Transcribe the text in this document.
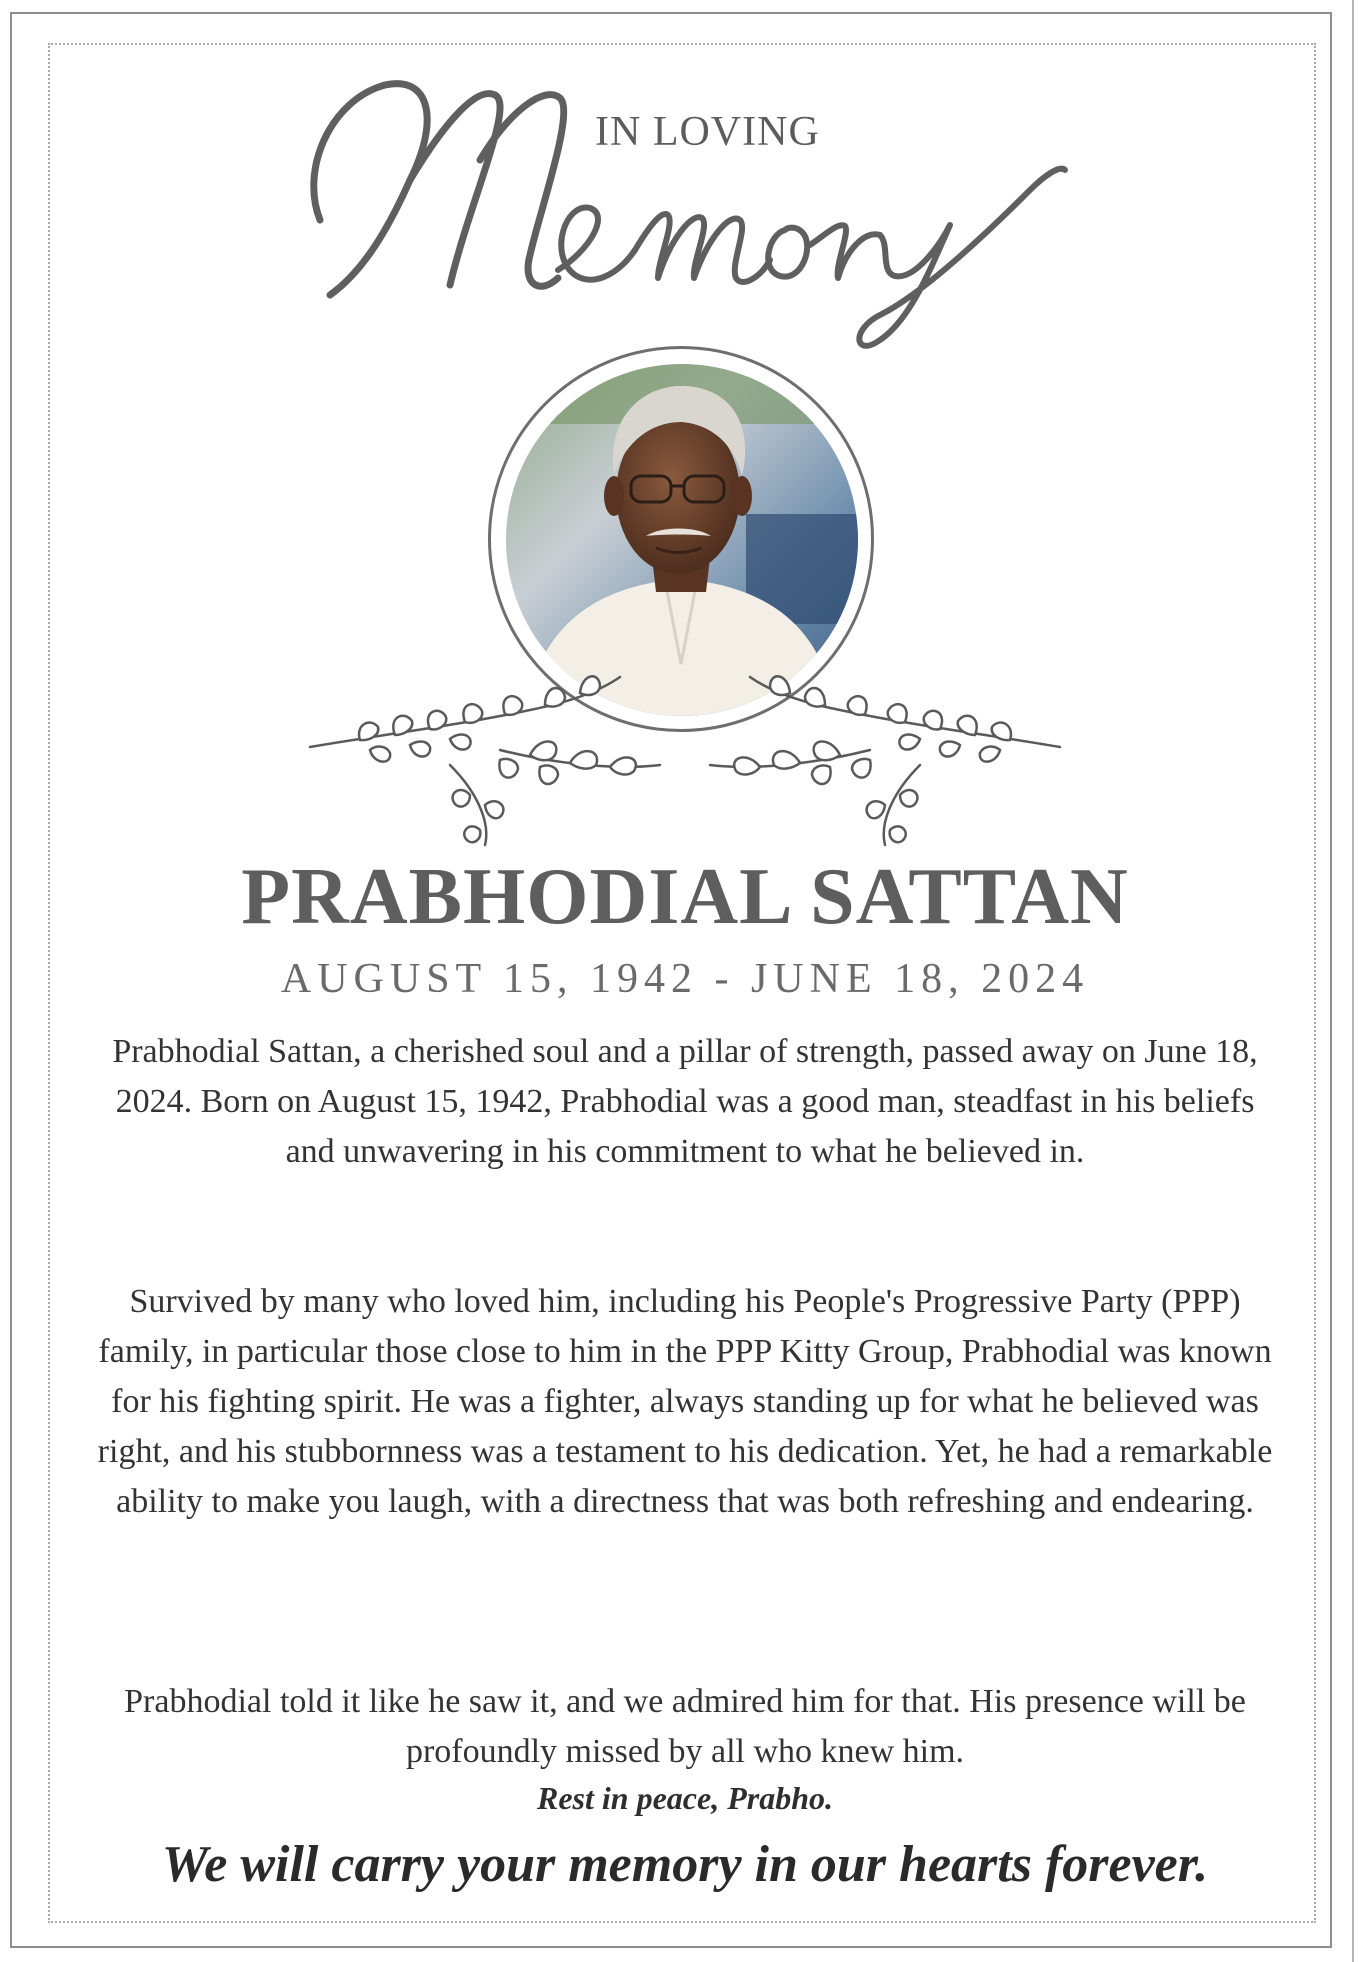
IN LOVING
PRABHODIAL SATTAN
AUGUST 15, 1942 - JUNE 18, 2024

Prabhodial Sattan, a cherished soul and a pillar of strength, passed away on June 18, 2024. Born on August 15, 1942, Prabhodial was a good man, steadfast in his beliefs and unwavering in his commitment to what he believed in.

Survived by many who loved him, including his People's Progressive Party (PPP) family, in particular those close to him in the PPP Kitty Group, Prabhodial was known for his fighting spirit. He was a fighter, always standing up for what he believed was right, and his stubbornness was a testament to his dedication. Yet, he had a remarkable ability to make you laugh, with a directness that was both refreshing and endearing.

Prabhodial told it like he saw it, and we admired him for that. His presence will be profoundly missed by all who knew him.

Rest in peace, Prabho.
We will carry your memory in our hearts forever.
